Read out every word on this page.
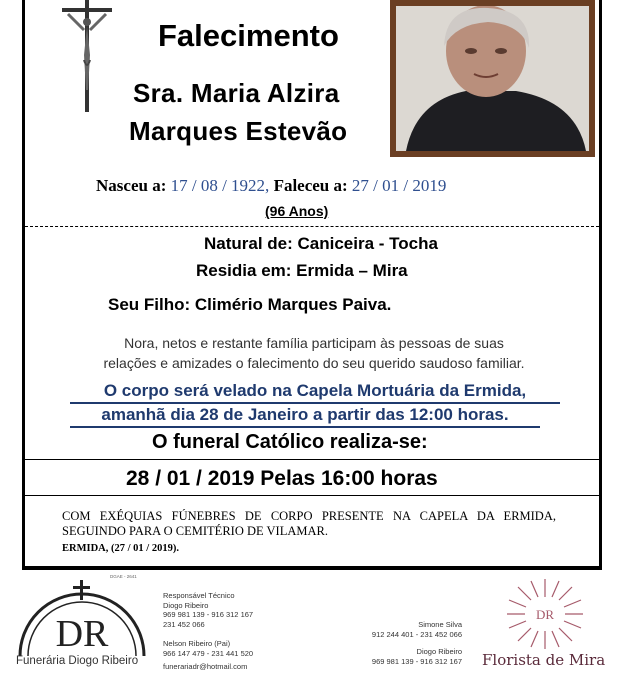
Falecimento
Sra. Maria Alzira
Marques Estevão
Nasceu a: 17 / 08 / 1922, Faleceu a: 27 / 01 / 2019
(96 Anos)
Natural de: Caniceira - Tocha
Residia em: Ermida – Mira
Seu Filho: Climério Marques Paiva.
Nora, netos e restante família participam às pessoas de suas
relações e amizades o falecimento do seu querido saudoso familiar.
O corpo será velado na Capela Mortuária da Ermida,
amanhã dia 28 de Janeiro a partir das 12:00 horas.
O funeral Católico realiza-se:
28 / 01 / 2019 Pelas 16:00 horas
COM EXÉQUIAS FÚNEBRES DE CORPO PRESENTE NA CAPELA DA ERMIDA, SEGUINDO PARA O CEMITÉRIO DE VILAMAR.
ERMIDA, (27 / 01 / 2019).
DR
DGAE - 2641
Funerária Diogo Ribeiro
Responsável Técnico
Diogo Ribeiro
969 981 139 - 916 312 167
231 452 066
Nelson Ribeiro (Pai)
966 147 479 - 231 441 520
funerariadr@hotmail.com
Simone Silva
912 244 401 - 231 452 066
Diogo Ribeiro
969 981 139 - 916 312 167
DR
Florista de Mira
